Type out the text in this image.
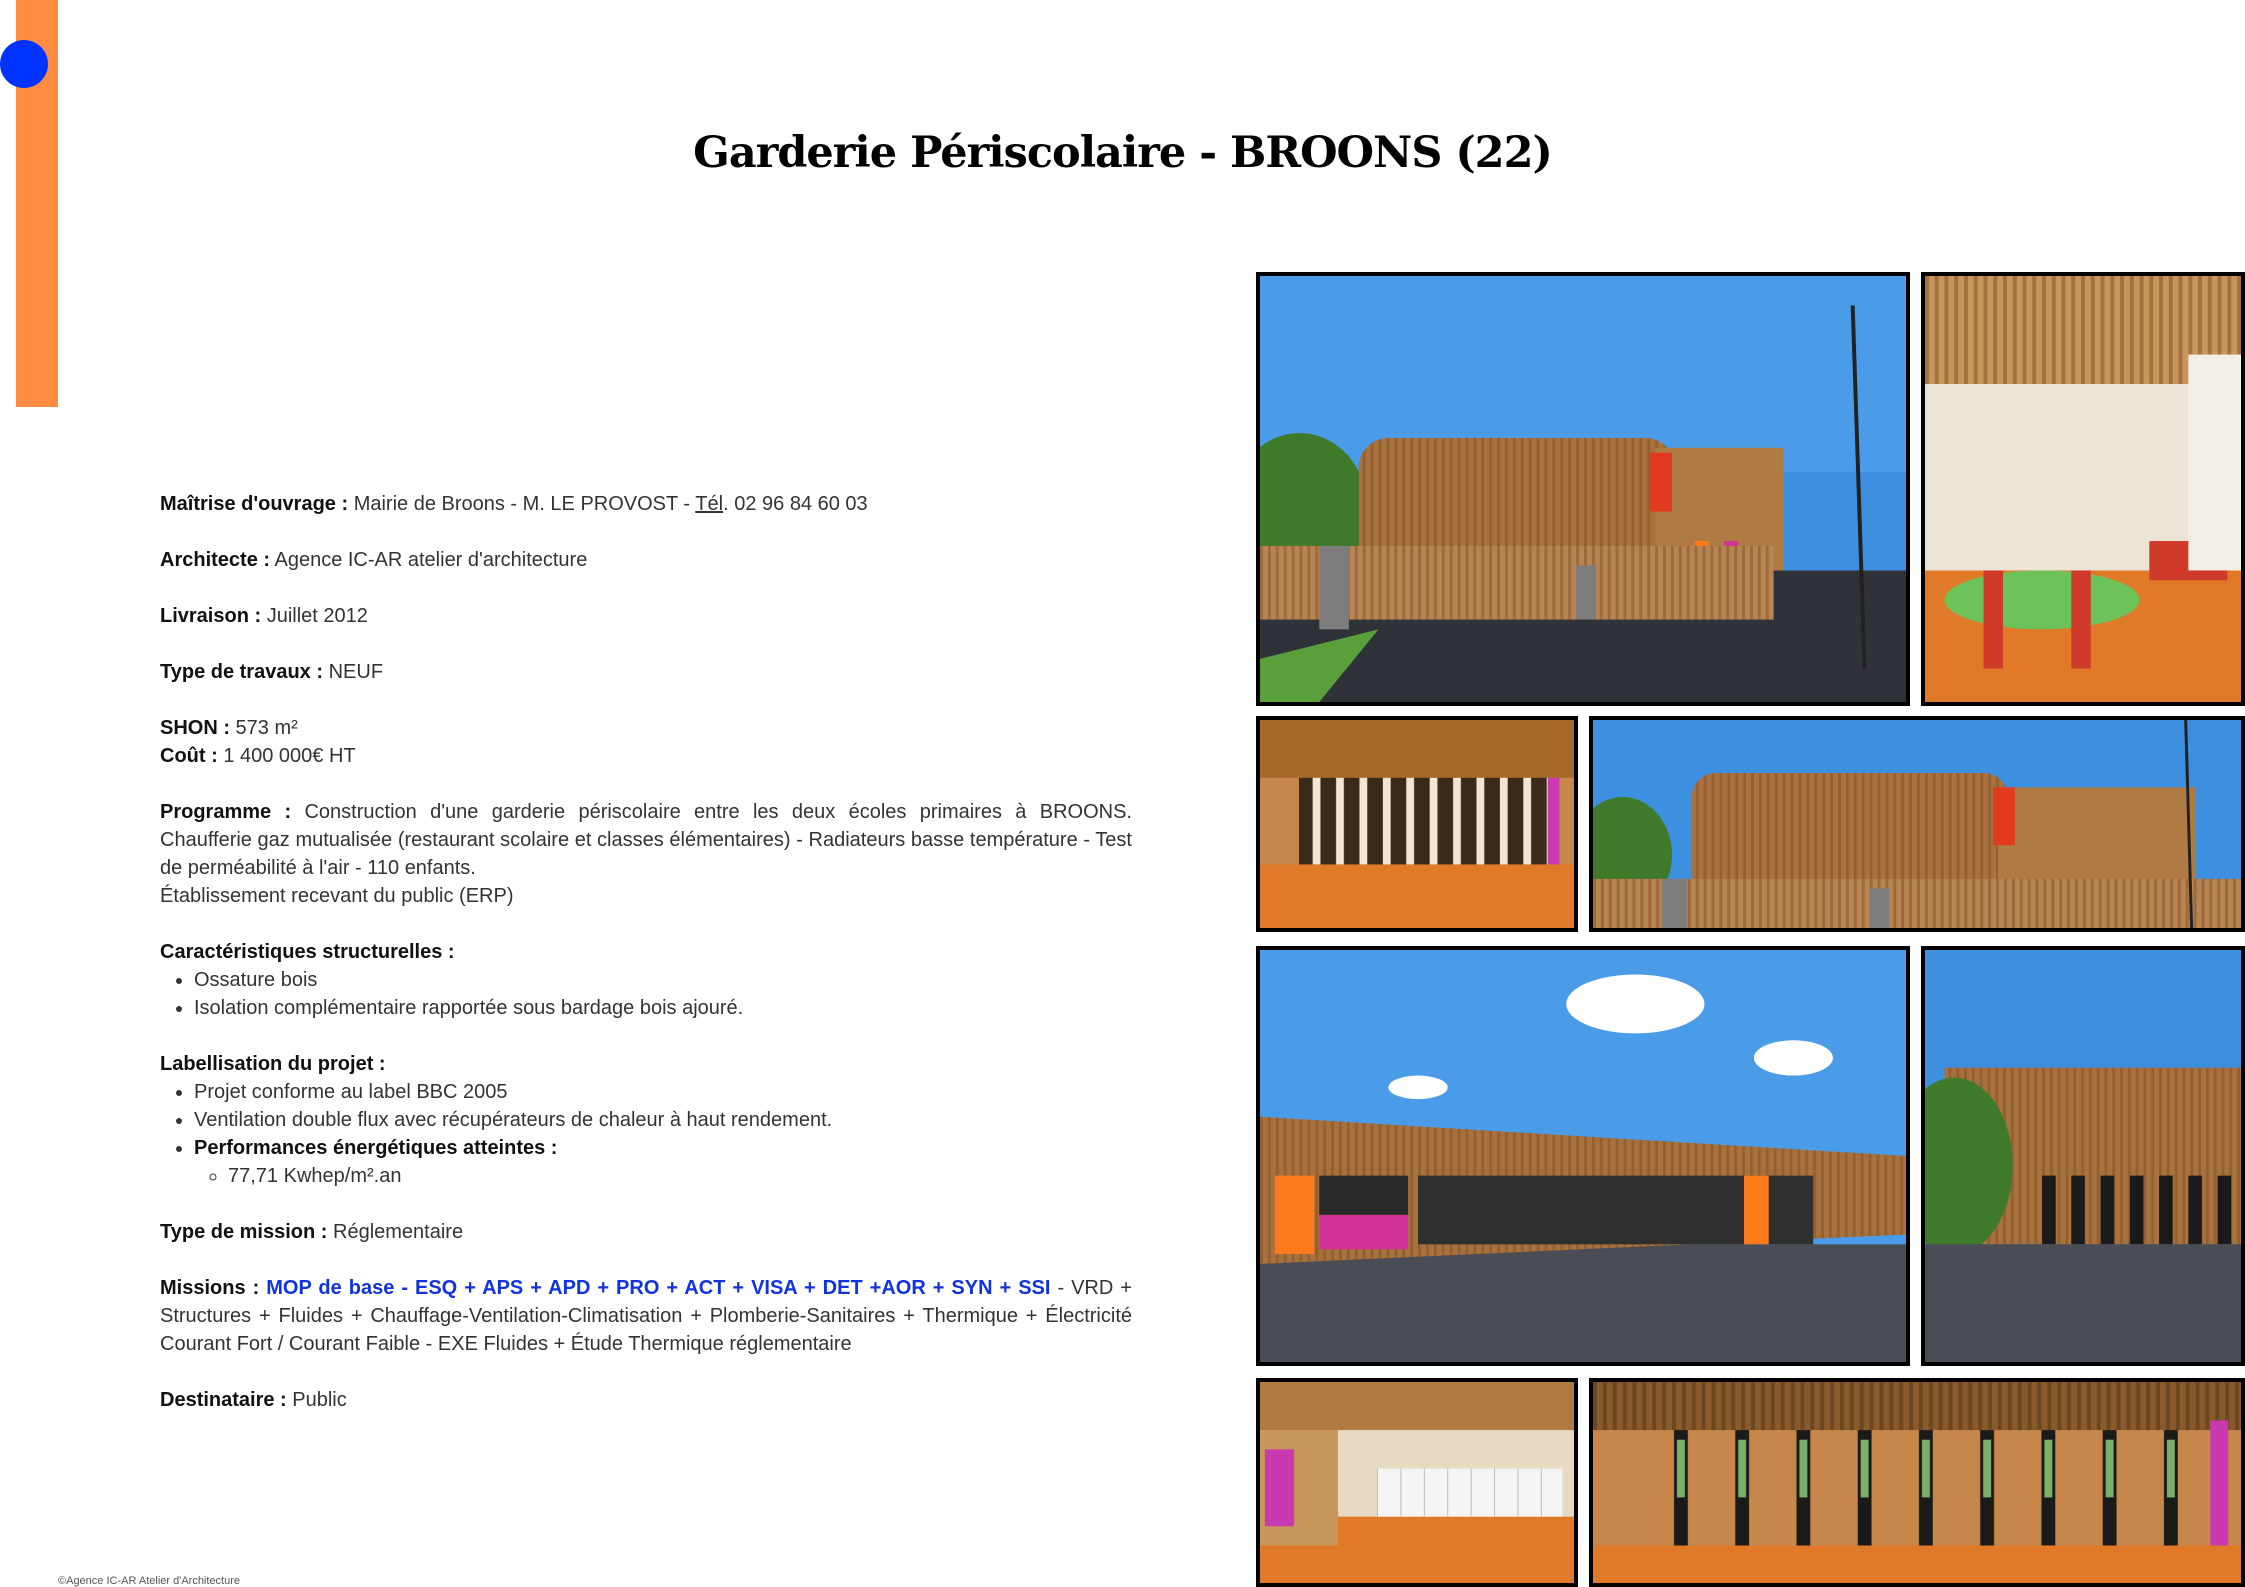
Garderie Périscolaire - BROONS (22)

Maîtrise d'ouvrage : Mairie de Broons - M. LE PROVOST - Tél. 02 96 84 60 03

Architecte : Agence IC-AR atelier d'architecture

Livraison : Juillet 2012

Type de travaux : NEUF

SHON : 573 m²

Coût : 1 400 000€ HT

Programme : Construction d'une garderie périscolaire entre les deux écoles primaires à BROONS. Chaufferie gaz mutualisée (restaurant scolaire et classes élémentaires) - Radiateurs basse température - Test de perméabilité à l'air - 110 enfants.

Établissement recevant du public (ERP)

Caractéristiques structurelles :

• Ossature bois
• Isolation complémentaire rapportée sous bardage bois ajouré.

Labellisation du projet :

• Projet conforme au label BBC 2005
• Ventilation double flux avec récupérateurs de chaleur à haut rendement.
• Performances énergétiques atteintes :
◦ 77,71 Kwhep/m².an

Type de mission : Réglementaire

Missions : MOP de base - ESQ + APS + APD + PRO + ACT + VISA + DET +AOR + SYN + SSI - VRD + Structures + Fluides + Chauffage-Ventilation-Climatisation + Plomberie-Sanitaires + Thermique + Électricité Courant Fort / Courant Faible - EXE Fluides + Étude Thermique réglementaire

Destinataire : Public

©Agence IC-AR Atelier d'Architecture
